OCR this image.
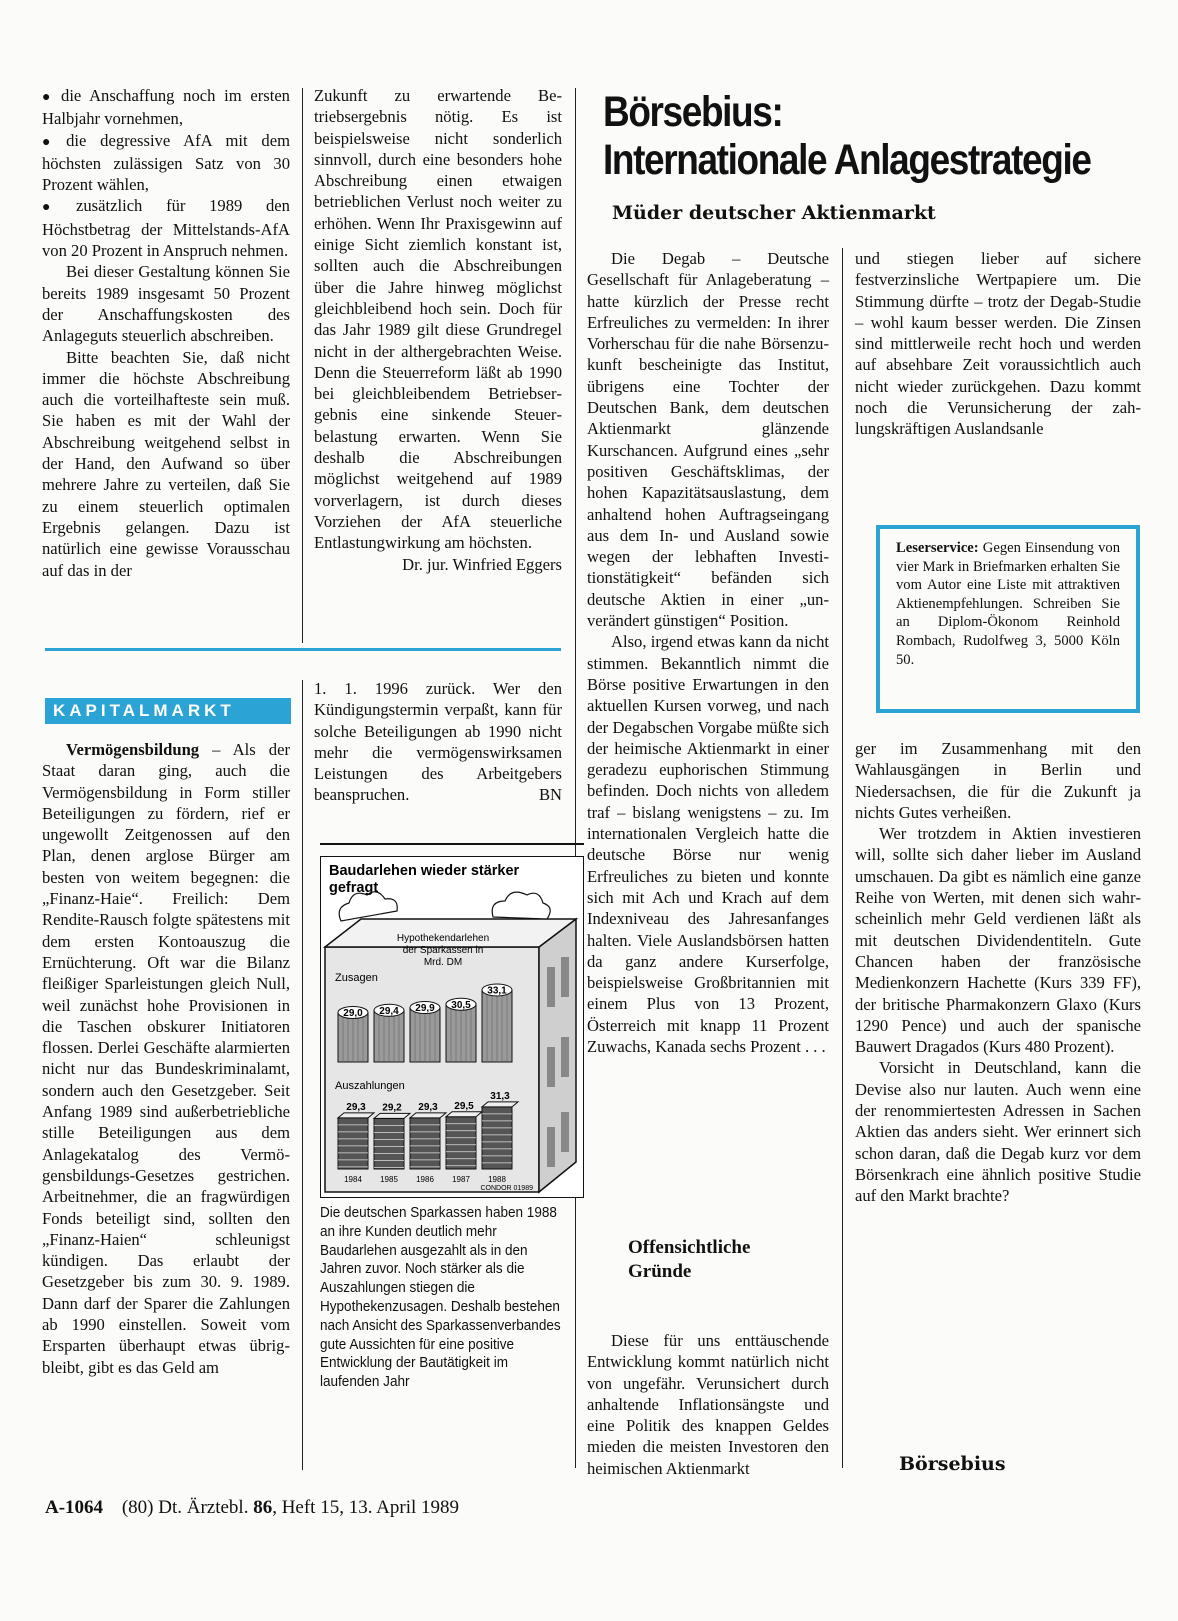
● die Anschaffung noch im ersten Halbjahr vornehmen,

● die degressive AfA mit dem höchsten zulässigen Satz von 30 Prozent wählen,

● zusätzlich für 1989 den Höchstbetrag der Mittelstands-AfA von 20 Prozent in Anspruch nehmen.

Bei dieser Gestaltung können Sie bereits 1989 insgesamt 50 Prozent der Anschaffungskosten des Anlageguts steuerlich abschreiben.

Bitte beachten Sie, daß nicht immer die höchste Abschreibung auch die vorteilhafteste sein muß. Sie haben es mit der Wahl der Abschreibung weitgehend selbst in der Hand, den Aufwand so über mehrere Jahre zu verteilen, daß Sie zu einem steuerlich optimalen Ergebnis gelangen. Dazu ist natürlich eine gewisse Vorausschau auf das in der

Zukunft zu erwartende Betriebsergebnis nötig. Es ist beispielsweise nicht sonderlich sinnvoll, durch eine besonders hohe Abschreibung einen etwaigen betrieblichen Verlust noch weiter zu erhöhen. Wenn Ihr Praxisgewinn auf einige Sicht ziemlich konstant ist, sollten auch die Abschreibungen über die Jahre hinweg möglichst gleichbleibend hoch sein. Doch für das Jahr 1989 gilt diese Grundregel nicht in der althergebrachten Weise. Denn die Steuerreform läßt ab 1990 bei gleichbleibendem Betriebsergebnis eine sinkende Steuerbelastung erwarten. Wenn Sie deshalb die Abschreibungen möglichst weitgehend auf 1989 vorverlagern, ist durch dieses Vorziehen der AfA steuerliche Entlastungwirkung am höchsten.

Dr. jur. Winfried Eggers

KAPITALMARKT

Vermögensbildung – Als der Staat daran ging, auch die Vermögensbildung in Form stiller Beteiligungen zu fördern, rief er ungewollt Zeitgenossen auf den Plan, denen arglose Bürger am besten von weitem begegnen: die „Finanz-Haie“. Freilich: Dem Rendite-Rausch folgte spätestens mit dem ersten Kontoauszug die Ernüchterung. Oft war die Bilanz fleißiger Sparleistungen gleich Null, weil zunächst hohe Provisionen in die Taschen obskurer Initiatoren flossen. Derlei Geschäfte alarmierten nicht nur das Bundeskriminalamt, sondern auch den Gesetzgeber. Seit Anfang 1989 sind außerbetriebliche stille Beteiligungen aus dem Anlagekatalog des Vermögensbildungs-Gesetzes gestrichen. Arbeitnehmer, die an fragwürdigen Fonds beteiligt sind, sollten den „Finanz-Haien“ schleunigst kündigen. Das erlaubt der Gesetzgeber bis zum 30. 9. 1989. Dann darf der Sparer die Zahlungen ab 1990 einstellen. Soweit vom Ersparten überhaupt etwas übrigbleibt, gibt es das Geld am

1. 1. 1996 zurück. Wer den Kündigungstermin verpaßt, kann für solche Beteiligungen ab 1990 nicht mehr die vermögenswirksamen Leistungen des Arbeitgebers beanspruchen.	BN

Baudarlehen wieder stärker
gefragt
Hypothekendarlehen
der Sparkassen in
Mrd. DM
Zusagen
Auszahlungen
CONDOR 01989
29,0 29,4 29,9 30,5
33,1
29,3 29,2 29,3 29,5
31,3
1984 1985 1986 1987 1988
Die deutschen Sparkassen haben 1988 an ihre Kunden deutlich mehr Baudarlehen ausgezahlt als in den Jahren zuvor. Noch stärker als die Auszahlungen stiegen die Hypothekenzusagen. Deshalb bestehen nach Ansicht des Sparkassenverbandes gute Aussichten für eine positive Entwicklung der Bautätigkeit im laufenden Jahr
Börsebius:
Internationale Anlagestrategie
Müder deutscher Aktienmarkt

Die Degab – Deutsche Gesellschaft für Anlageberatung – hatte kürzlich der Presse recht Erfreuliches zu vermelden: In ihrer Vorherschau für die nahe Börsenzukunft bescheinigte das Institut, übrigens eine Tochter der Deutschen Bank, dem deutschen Aktienmarkt glänzende Kurschancen. Aufgrund eines „sehr positiven Geschäftsklimas, der hohen Kapazitätsauslastung, dem anhaltend hohen Auftragseingang aus dem In- und Ausland sowie wegen der lebhaften Investitionstätigkeit“ befänden sich deutsche Aktien in einer „unverändert günstigen“ Position.

Also, irgend etwas kann da nicht stimmen. Bekanntlich nimmt die Börse positive Erwartungen in den aktuellen Kursen vorweg, und nach der Degabschen Vorgabe müßte sich der heimische Aktienmarkt in einer geradezu euphorischen Stimmung befinden. Doch nichts von alledem traf – bislang wenigstens – zu. Im internationalen Vergleich hatte die deutsche Börse nur wenig Erfreuliches zu bieten und konnte sich mit Ach und Krach auf dem Indexniveau des Jahresanfanges halten. Viele Auslandsbörsen hatten da ganz andere Kurserfolge, beispielsweise Großbritannien mit einem Plus von 13 Prozent, Österreich mit knapp 11 Prozent Zuwachs, Kanada sechs Prozent . . .

Offensichtliche Gründe

Diese für uns enttäuschende Entwicklung kommt natürlich nicht von ungefähr. Verunsichert durch anhaltende Inflationsängste und eine Politik des knappen Geldes mieden die meisten Investoren den heimischen Aktienmarkt

und stiegen lieber auf sichere festverzinsliche Wertpapiere um. Die Stimmung dürfte – trotz der Degab-Studie – wohl kaum besser werden. Die Zinsen sind mittlerweile recht hoch und werden auf absehbare Zeit voraussichtlich auch nicht wieder zurückgehen. Dazu kommt noch die Verunsicherung der zahlungskräftigen Auslandsanle

Leserservice: Gegen Einsendung von vier Mark in Briefmarken erhalten Sie vom Autor eine Liste mit attraktiven Aktienempfehlungen. Schreiben Sie an Diplom-Ökonom Reinhold Rombach, Rudolfweg 3, 5000 Köln 50.

ger im Zusammenhang mit den Wahlausgängen in Berlin und Niedersachsen, die für die Zukunft ja nichts Gutes verheißen.

Wer trotzdem in Aktien investieren will, sollte sich daher lieber im Ausland umschauen. Da gibt es nämlich eine ganze Reihe von Werten, mit denen sich wahrscheinlich mehr Geld verdienen läßt als mit deutschen Dividendentiteln. Gute Chancen haben der französische Medienkonzern Hachette (Kurs 339 FF), der britische Pharmakonzern Glaxo (Kurs 1290 Pence) und auch der spanische Bauwert Dragados (Kurs 480 Prozent).

Vorsicht in Deutschland, kann die Devise also nur lauten. Auch wenn eine der renommiertesten Adressen in Sachen Aktien das anders sieht. Wer erinnert sich schon daran, daß die Degab kurz vor dem Börsenkrach eine ähnlich positive Studie auf den Markt brachte?

Börsebius
A-1064 (80) Dt. Ärztebl. 86, Heft 15, 13. April 1989
